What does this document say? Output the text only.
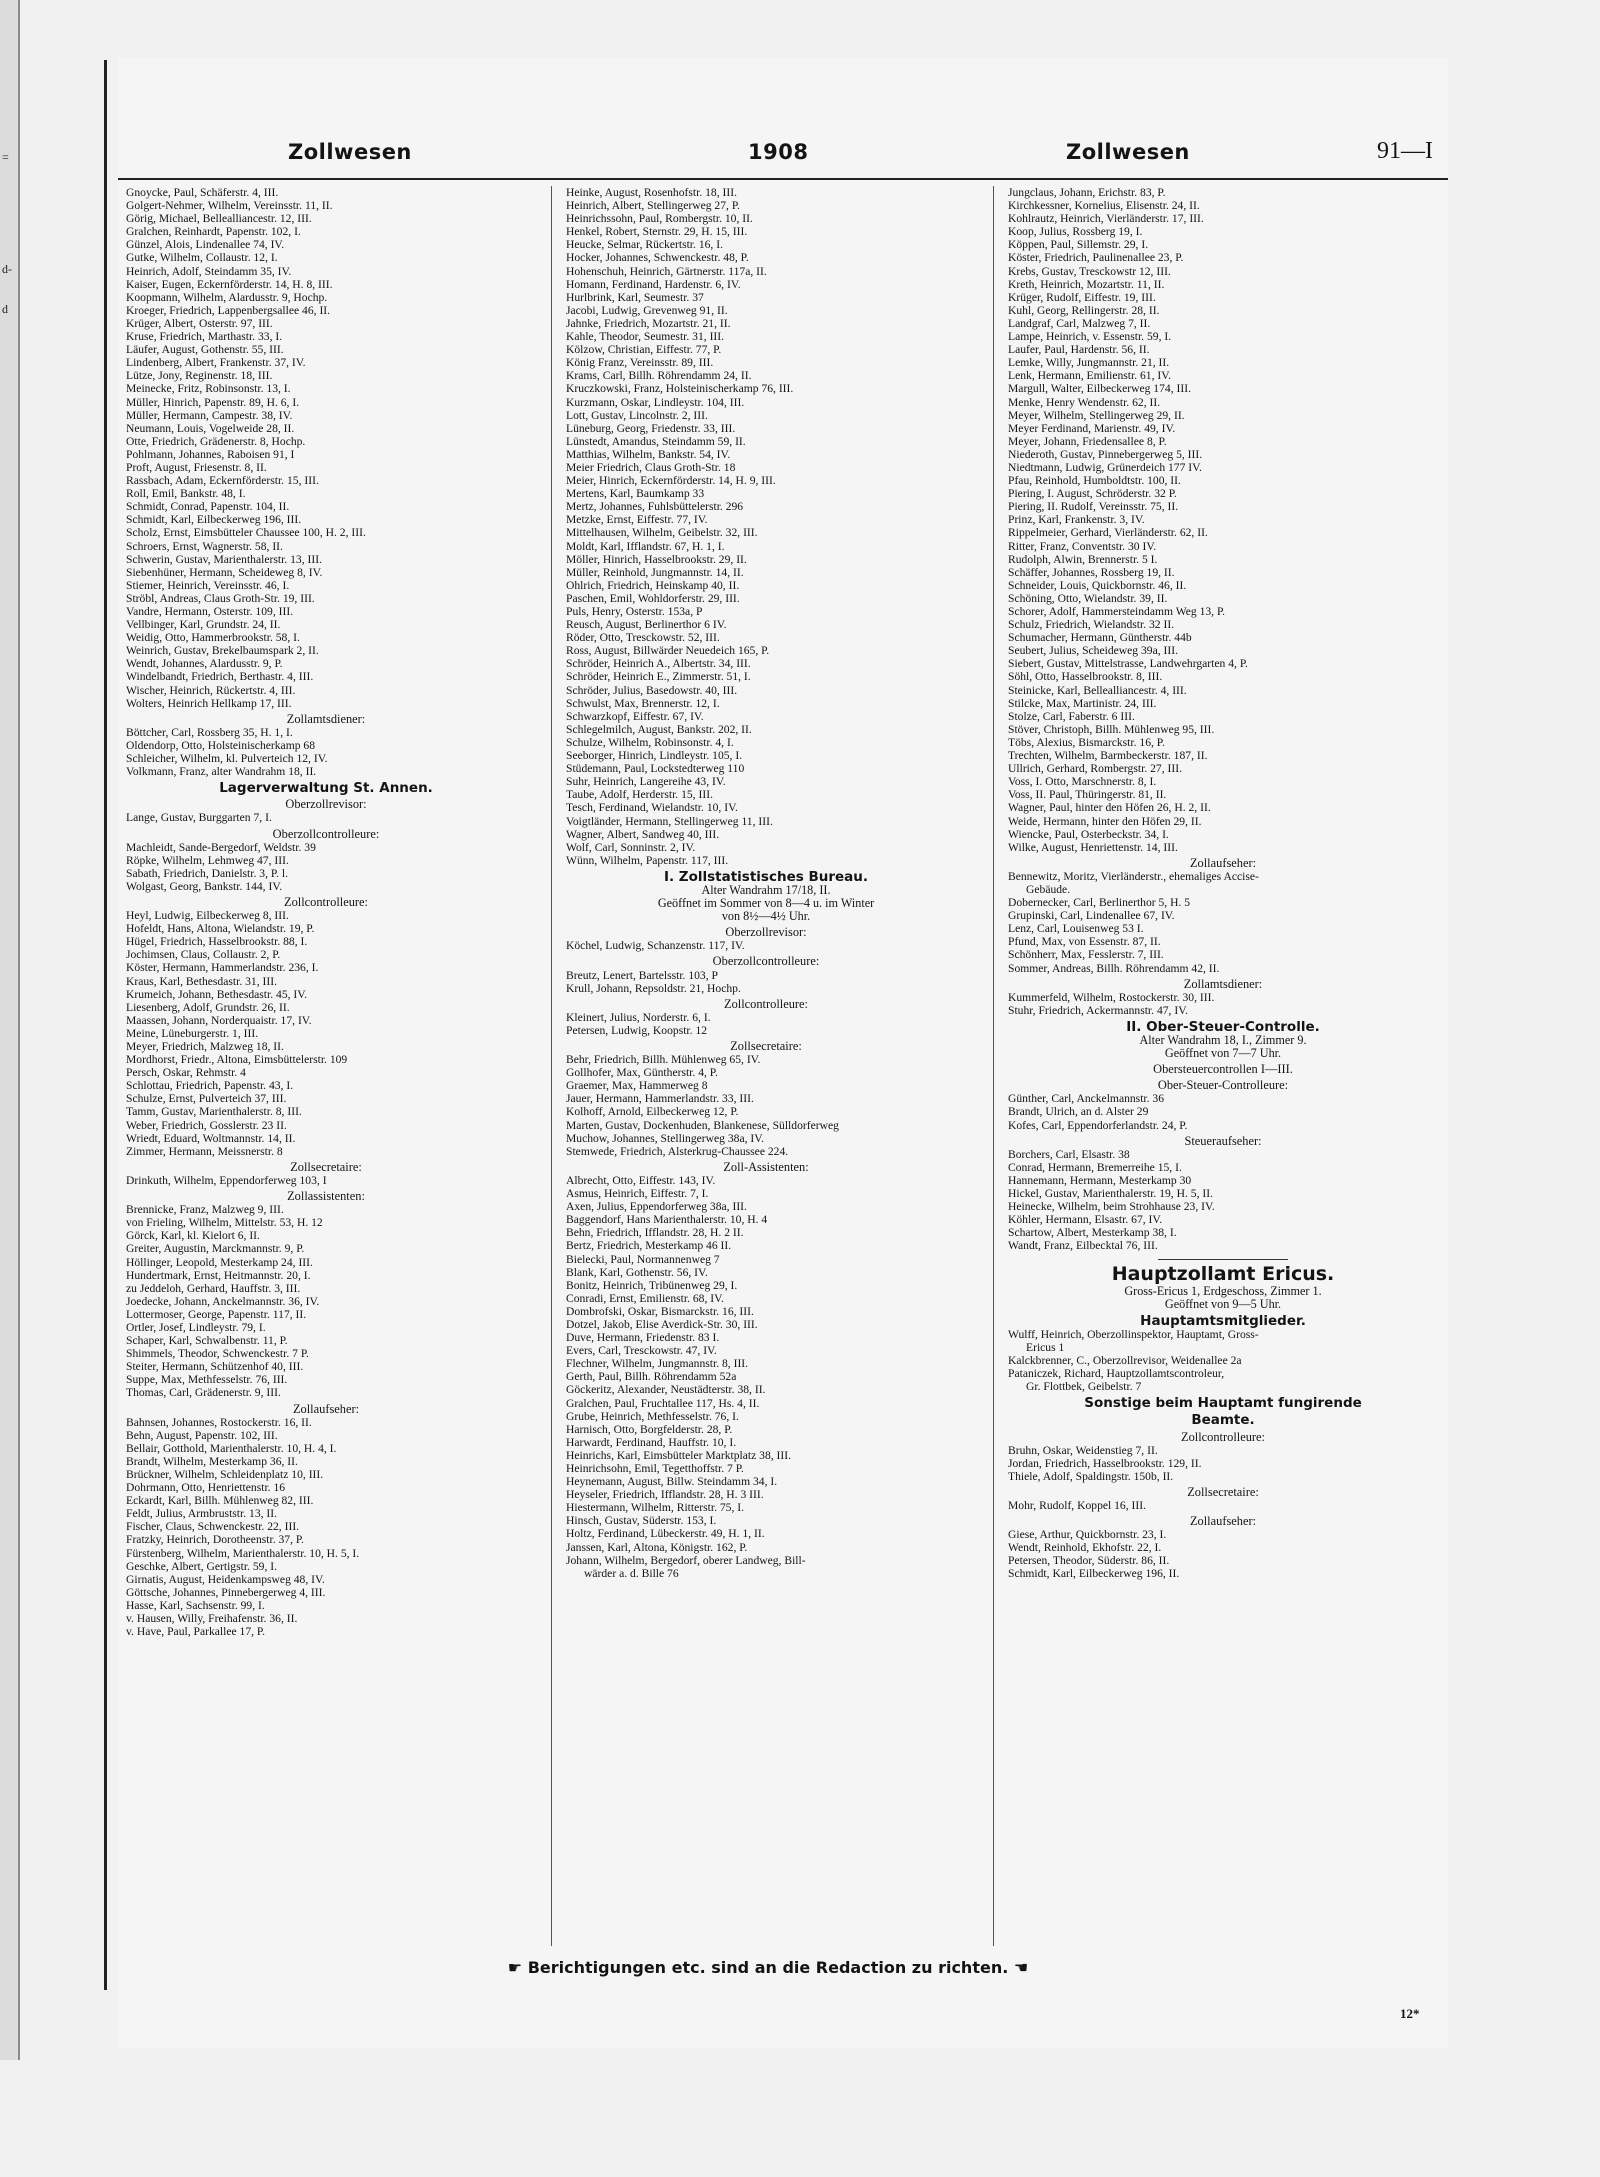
=
d-
d
Zollwesen	1908	Zollwesen	91—I
Gnoycke, Paul, Schäferstr. 4, III.
Golgert-Nehmer, Wilhelm, Vereinsstr. 11, II.
Görig, Michael, Bellealliancestr. 12, III.
Gralchen, Reinhardt, Papenstr. 102, I.
Günzel, Alois, Lindenallee 74, IV.
Gutke, Wilhelm, Collaustr. 12, I.
Heinrich, Adolf, Steindamm 35, IV.
Kaiser, Eugen, Eckernförderstr. 14, H. 8, III.
Koopmann, Wilhelm, Alardusstr. 9, Hochp.
Kroeger, Friedrich, Lappenbergsallee 46, II.
Krüger, Albert, Osterstr. 97, III.
Kruse, Friedrich, Marthastr. 33, I.
Läufer, August, Gothenstr. 55, III.
Lindenberg, Albert, Frankenstr. 37, IV.
Lütze, Jony, Reginenstr. 18, III.
Meinecke, Fritz, Robinsonstr. 13, I.
Müller, Hinrich, Papenstr. 89, H. 6, I.
Müller, Hermann, Campestr. 38, IV.
Neumann, Louis, Vogelweide 28, II.
Otte, Friedrich, Grädenerstr. 8, Hochp.
Pohlmann, Johannes, Raboisen 91, I
Proft, August, Friesenstr. 8, II.
Rassbach, Adam, Eckernförderstr. 15, III.
Roll, Emil, Bankstr. 48, I.
Schmidt, Conrad, Papenstr. 104, II.
Schmidt, Karl, Eilbeckerweg 196, III.
Scholz, Ernst, Eimsbütteler Chaussee 100, H. 2, III.
Schroers, Ernst, Wagnerstr. 58, II.
Schwerin, Gustav, Marienthalerstr. 13, III.
Siebenhüner, Hermann, Scheideweg 8, IV.
Stiemer, Heinrich, Vereinsstr. 46, I.
Ströbl, Andreas, Claus Groth-Str. 19, III.
Vandre, Hermann, Osterstr. 109, III.
Vellbinger, Karl, Grundstr. 24, II.
Weidig, Otto, Hammerbrookstr. 58, I.
Weinrich, Gustav, Brekelbaumspark 2, II.
Wendt, Johannes, Alardusstr. 9, P.
Windelbandt, Friedrich, Berthastr. 4, III.
Wischer, Heinrich, Rückertstr. 4, III.
Wolters, Heinrich Hellkamp 17, III.
Zollamtsdiener:
Böttcher, Carl, Rossberg 35, H. 1, I.
Oldendorp, Otto, Holsteinischerkamp 68
Schleicher, Wilhelm, kl. Pulverteich 12, IV.
Volkmann, Franz, alter Wandrahm 18, II.
Lagerverwaltung St. Annen.
Oberzollrevisor:
Lange, Gustav, Burggarten 7, I.
Oberzollcontrolleure:
Machleidt, Sande-Bergedorf, Weldstr. 39
Röpke, Wilhelm, Lehmweg 47, III.
Sabath, Friedrich, Danielstr. 3, P. l.
Wolgast, Georg, Bankstr. 144, IV.
Zollcontrolleure:
Heyl, Ludwig, Eilbeckerweg 8, III.
Hofeldt, Hans, Altona, Wielandstr. 19, P.
Hügel, Friedrich, Hasselbrookstr. 88, I.
Jochimsen, Claus, Collaustr. 2, P.
Köster, Hermann, Hammerlandstr. 236, I.
Kraus, Karl, Bethesdastr. 31, III.
Krumeich, Johann, Bethesdastr. 45, IV.
Liesenberg, Adolf, Grundstr. 26, II.
Maassen, Johann, Norderquaistr. 17, IV.
Meine, Lüneburgerstr. 1, III.
Meyer, Friedrich, Malzweg 18, II.
Mordhorst, Friedr., Altona, Eimsbüttelerstr. 109
Persch, Oskar, Rehmstr. 4
Schlottau, Friedrich, Papenstr. 43, I.
Schulze, Ernst, Pulverteich 37, III.
Tamm, Gustav, Marienthalerstr. 8, III.
Weber, Friedrich, Gosslerstr. 23 II.
Wriedt, Eduard, Woltmannstr. 14, II.
Zimmer, Hermann, Meissnerstr. 8
Zollsecretaire:
Drinkuth, Wilhelm, Eppendorferweg 103, I
Zollassistenten:
Brennicke, Franz, Malzweg 9, III.
von Frieling, Wilhelm, Mittelstr. 53, H. 12
Görck, Karl, kl. Kielort 6, II.
Greiter, Augustin, Marckmannstr. 9, P.
Höllinger, Leopold, Mesterkamp 24, III.
Hundertmark, Ernst, Heitmannstr. 20, I.
zu Jeddeloh, Gerhard, Hauffstr. 3, III.
Joedecke, Johann, Anckelmannstr. 36, IV.
Lottermoser, George, Papenstr. 117, II.
Ortler, Josef, Lindleystr. 79, I.
Schaper, Karl, Schwalbenstr. 11, P.
Shimmels, Theodor, Schwenckestr. 7 P.
Steiter, Hermann, Schützenhof 40, III.
Suppe, Max, Methfesselstr. 76, III.
Thomas, Carl, Grädenerstr. 9, III.
Zollaufseher:
Bahnsen, Johannes, Rostockerstr. 16, II.
Behn, August, Papenstr. 102, III.
Bellair, Gotthold, Marienthalerstr. 10, H. 4, I.
Brandt, Wilhelm, Mesterkamp 36, II.
Brückner, Wilhelm, Schleidenplatz 10, III.
Dohrmann, Otto, Henriettenstr. 16
Eckardt, Karl, Billh. Mühlenweg 82, III.
Feldt, Julius, Armbruststr. 13, II.
Fischer, Claus, Schwenckestr. 22, III.
Fratzky, Heinrich, Dorotheenstr. 37, P.
Fürstenberg, Wilhelm, Marienthalerstr. 10, H. 5, I.
Geschke, Albert, Gertigstr. 59, I.
Girnatis, August, Heidenkampsweg 48, IV.
Göttsche, Johannes, Pinnebergerweg 4, III.
Hasse, Karl, Sachsenstr. 99, I.
v. Hausen, Willy, Freihafenstr. 36, II.
v. Have, Paul, Parkallee 17, P.
Heinke, August, Rosenhofstr. 18, III.
Heinrich, Albert, Stellingerweg 27, P.
Heinrichssohn, Paul, Rombergstr. 10, II.
Henkel, Robert, Sternstr. 29, H. 15, III.
Heucke, Selmar, Rückertstr. 16, I.
Hocker, Johannes, Schwenckestr. 48, P.
Hohenschuh, Heinrich, Gärtnerstr. 117a, II.
Homann, Ferdinand, Hardenstr. 6, IV.
Hurlbrink, Karl, Seumestr. 37
Jacobi, Ludwig, Grevenweg 91, II.
Jahnke, Friedrich, Mozartstr. 21, II.
Kahle, Theodor, Seumestr. 31, III.
Kölzow, Christian, Eiffestr. 77, P.
König Franz, Vereinsstr. 89, III.
Krams, Carl, Billh. Röhrendamm 24, II.
Kruczkowski, Franz, Holsteinischerkamp 76, III.
Kurzmann, Oskar, Lindleystr. 104, III.
Lott, Gustav, Lincolnstr. 2, III.
Lüneburg, Georg, Friedenstr. 33, III.
Lünstedt, Amandus, Steindamm 59, II.
Matthias, Wilhelm, Bankstr. 54, IV.
Meier Friedrich, Claus Groth-Str. 18
Meier, Hinrich, Eckernförderstr. 14, H. 9, III.
Mertens, Karl, Baumkamp 33
Mertz, Johannes, Fuhlsbüttelerstr. 296
Metzke, Ernst, Eiffestr. 77, IV.
Mittelhausen, Wilhelm, Geibelstr. 32, III.
Moldt, Karl, Ifflandstr. 67, H. 1, I.
Möller, Hinrich, Hasselbrookstr. 29, II.
Müller, Reinhold, Jungmannstr. 14, II.
Ohlrich, Friedrich, Heinskamp 40, II.
Paschen, Emil, Wohldorferstr. 29, III.
Puls, Henry, Osterstr. 153a, P
Reusch, August, Berlinerthor 6 IV.
Röder, Otto, Tresckowstr. 52, III.
Ross, August, Billwärder Neuedeich 165, P.
Schröder, Heinrich A., Albertstr. 34, III.
Schröder, Heinrich E., Zimmerstr. 51, I.
Schröder, Julius, Basedowstr. 40, III.
Schwulst, Max, Brennerstr. 12, I.
Schwarzkopf, Eiffestr. 67, IV.
Schlegelmilch, August, Bankstr. 202, II.
Schulze, Wilhelm, Robinsonstr. 4, I.
Seeborger, Hinrich, Lindleystr. 105, I.
Stüdemann, Paul, Lockstedterweg 110
Suhr, Heinrich, Langereihe 43, IV.
Taube, Adolf, Herderstr. 15, III.
Tesch, Ferdinand, Wielandstr. 10, IV.
Voigtländer, Hermann, Stellingerweg 11, III.
Wagner, Albert, Sandweg 40, III.
Wolf, Carl, Sonninstr. 2, IV.
Wünn, Wilhelm, Papenstr. 117, III.
I. Zollstatistisches Bureau.
Alter Wandrahm 17/18, II.
Geöffnet im Sommer von 8—4 u. im Winter
von 8½—4½ Uhr.
Oberzollrevisor:
Köchel, Ludwig, Schanzenstr. 117, IV.
Oberzollcontrolleure:
Breutz, Lenert, Bartelsstr. 103, P
Krull, Johann, Repsoldstr. 21, Hochp.
Zollcontrolleure:
Kleinert, Julius, Norderstr. 6, I.
Petersen, Ludwig, Koopstr. 12
Zollsecretaire:
Behr, Friedrich, Billh. Mühlenweg 65, IV.
Gollhofer, Max, Güntherstr. 4, P.
Graemer, Max, Hammerweg 8
Jauer, Hermann, Hammerlandstr. 33, III.
Kolhoff, Arnold, Eilbeckerweg 12, P.
Marten, Gustav, Dockenhuden, Blankenese, Sülldorferweg
Muchow, Johannes, Stellingerweg 38a, IV.
Stemwede, Friedrich, Alsterkrug-Chaussee 224.
Zoll-Assistenten:
Albrecht, Otto, Eiffestr. 143, IV.
Asmus, Heinrich, Eiffestr. 7, I.
Axen, Julius, Eppendorferweg 38a, III.
Baggendorf, Hans Marienthalerstr. 10, H. 4
Behn, Friedrich, Ifflandstr. 28, H. 2 II.
Bertz, Friedrich, Mesterkamp 46 II.
Bielecki, Paul, Normannenweg 7
Blank, Karl, Gothenstr. 56, IV.
Bonitz, Heinrich, Tribünenweg 29, I.
Conradi, Ernst, Emilienstr. 68, IV.
Dombrofski, Oskar, Bismarckstr. 16, III.
Dotzel, Jakob, Elise Averdick-Str. 30, III.
Duve, Hermann, Friedenstr. 83 I.
Evers, Carl, Tresckowstr. 47, IV.
Flechner, Wilhelm, Jungmannstr. 8, III.
Gerth, Paul, Billh. Röhrendamm 52a
Göckeritz, Alexander, Neustädterstr. 38, II.
Gralchen, Paul, Fruchtallee 117, Hs. 4, II.
Grube, Heinrich, Methfesselstr. 76, I.
Harnisch, Otto, Borgfelderstr. 28, P.
Harwardt, Ferdinand, Hauffstr. 10, I.
Heinrichs, Karl, Eimsbütteler Marktplatz 38, III.
Heinrichsohn, Emil, Tegetthoffstr. 7 P.
Heynemann, August, Billw. Steindamm 34, I.
Heyseler, Friedrich, Ifflandstr. 28, H. 3 III.
Hiestermann, Wilhelm, Ritterstr. 75, I.
Hinsch, Gustav, Süderstr. 153, I.
Holtz, Ferdinand, Lübeckerstr. 49, H. 1, II.
Janssen, Karl, Altona, Königstr. 162, P.
Johann, Wilhelm, Bergedorf, oberer Landweg, Bill-
wärder a. d. Bille 76
Jungclaus, Johann, Erichstr. 83, P.
Kirchkessner, Kornelius, Elisenstr. 24, II.
Kohlrautz, Heinrich, Vierländerstr. 17, III.
Koop, Julius, Rossberg 19, I.
Köppen, Paul, Sillemstr. 29, I.
Köster, Friedrich, Paulinenallee 23, P.
Krebs, Gustav, Tresckowstr 12, III.
Kreth, Heinrich, Mozartstr. 11, II.
Krüger, Rudolf, Eiffestr. 19, III.
Kuhl, Georg, Rellingerstr. 28, II.
Landgraf, Carl, Malzweg 7, II.
Lampe, Heinrich, v. Essenstr. 59, I.
Laufer, Paul, Hardenstr. 56, II.
Lemke, Willy, Jungmannstr. 21, II.
Lenk, Hermann, Emilienstr. 61, IV.
Margull, Walter, Eilbeckerweg 174, III.
Menke, Henry Wendenstr. 62, II.
Meyer, Wilhelm, Stellingerweg 29, II.
Meyer Ferdinand, Marienstr. 49, IV.
Meyer, Johann, Friedensallee 8, P.
Niederoth, Gustav, Pinnebergerweg 5, III.
Niedtmann, Ludwig, Grünerdeich 177 IV.
Pfau, Reinhold, Humboldtstr. 100, II.
Piering, I. August, Schröderstr. 32 P.
Piering, II. Rudolf, Vereinsstr. 75, II.
Prinz, Karl, Frankenstr. 3, IV.
Rippelmeier, Gerhard, Vierländerstr. 62, II.
Ritter, Franz, Conventstr. 30 IV.
Rudolph, Alwin, Brennerstr. 5 I.
Schäffer, Johannes, Rossberg 19, II.
Schneider, Louis, Quickbornstr. 46, II.
Schöning, Otto, Wielandstr. 39, II.
Schorer, Adolf, Hammersteindamm Weg 13, P.
Schulz, Friedrich, Wielandstr. 32 II.
Schumacher, Hermann, Güntherstr. 44b
Seubert, Julius, Scheideweg 39a, III.
Siebert, Gustav, Mittelstrasse, Landwehrgarten 4, P.
Söhl, Otto, Hasselbrookstr. 8, III.
Steinicke, Karl, Bellealliancestr. 4, III.
Stilcke, Max, Martinistr. 24, III.
Stolze, Carl, Faberstr. 6 III.
Stöver, Christoph, Billh. Mühlenweg 95, III.
Töbs, Alexius, Bismarckstr. 16, P.
Trechten, Wilhelm, Barmbeckerstr. 187, II.
Ullrich, Gerhard, Rombergstr. 27, III.
Voss, I. Otto, Marschnerstr. 8, I.
Voss, II. Paul, Thüringerstr. 81, II.
Wagner, Paul, hinter den Höfen 26, H. 2, II.
Weide, Hermann, hinter den Höfen 29, II.
Wiencke, Paul, Osterbeckstr. 34, I.
Wilke, August, Henriettenstr. 14, III.
Zollaufseher:
Bennewitz, Moritz, Vierländerstr., ehemaliges Accise-
Gebäude.
Dobernecker, Carl, Berlinerthor 5, H. 5
Grupinski, Carl, Lindenallee 67, IV.
Lenz, Carl, Louisenweg 53 I.
Pfund, Max, von Essenstr. 87, II.
Schönherr, Max, Fesslerstr. 7, III.
Sommer, Andreas, Billh. Röhrendamm 42, II.
Zollamtsdiener:
Kummerfeld, Wilhelm, Rostockerstr. 30, III.
Stuhr, Friedrich, Ackermannstr. 47, IV.
II. Ober-Steuer-Controlle.
Alter Wandrahm 18, I., Zimmer 9.
Geöffnet von 7—7 Uhr.
Obersteuercontrollen I—III.
Ober-Steuer-Controlleure:
Günther, Carl, Anckelmannstr. 36
Brandt, Ulrich, an d. Alster 29
Kofes, Carl, Eppendorferlandstr. 24, P.
Steueraufseher:
Borchers, Carl, Elsastr. 38
Conrad, Hermann, Bremerreihe 15, I.
Hannemann, Hermann, Mesterkamp 30
Hickel, Gustav, Marienthalerstr. 19, H. 5, II.
Heinecke, Wilhelm, beim Strohhause 23, IV.
Köhler, Hermann, Elsastr. 67, IV.
Schartow, Albert, Mesterkamp 38, I.
Wandt, Franz, Eilbecktal 76, III.
Hauptzollamt Ericus.
Gross-Ericus 1, Erdgeschoss, Zimmer 1.
Geöffnet von 9—5 Uhr.
Hauptamtsmitglieder.
Wulff, Heinrich, Oberzollinspektor, Hauptamt, Gross-
Ericus 1
Kalckbrenner, C., Oberzollrevisor, Weidenallee 2a
Pataniczek, Richard, Hauptzollamtscontroleur,
Gr. Flottbek, Geibelstr. 7
Sonstige beim Hauptamt fungirende
Beamte.
Zollcontrolleure:
Bruhn, Oskar, Weidenstieg 7, II.
Jordan, Friedrich, Hasselbrookstr. 129, II.
Thiele, Adolf, Spaldingstr. 150b, II.
Zollsecretaire:
Mohr, Rudolf, Koppel 16, III.
Zollaufseher:
Giese, Arthur, Quickbornstr. 23, I.
Wendt, Reinhold, Ekhofstr. 22, I.
Petersen, Theodor, Süderstr. 86, II.
Schmidt, Karl, Eilbeckerweg 196, II.
☛ Berichtigungen etc. sind an die Redaction zu richten. ☚
12*
